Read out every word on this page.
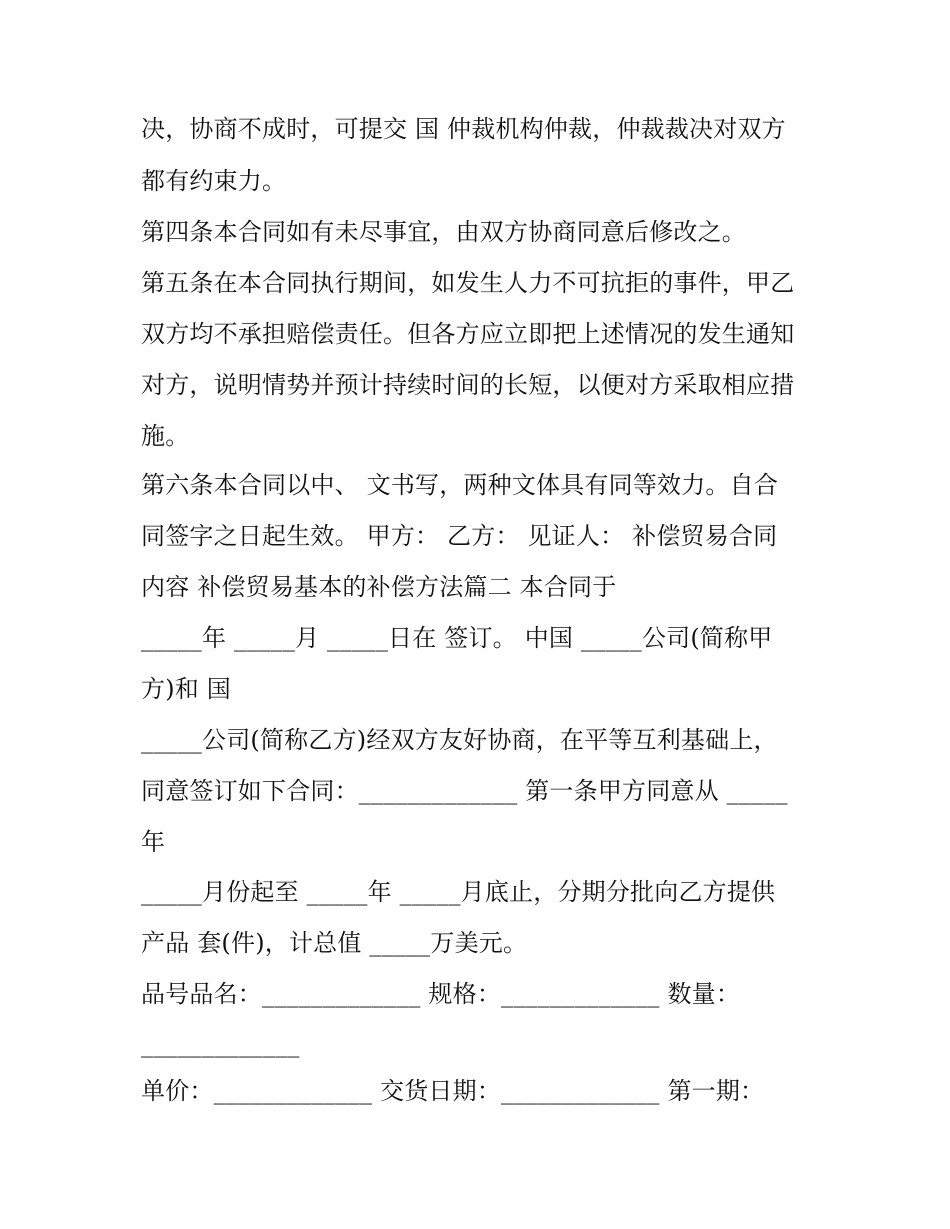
决，协商不成时，可提交 国 仲裁机构仲裁，仲裁裁决对双方

都有约束力。

第四条本合同如有未尽事宜，由双方协商同意后修改之。

第五条在本合同执行期间，如发生人力不可抗拒的事件，甲乙

双方均不承担赔偿责任。但各方应立即把上述情况的发生通知

对方，说明情势并预计持续时间的长短，以便对方采取相应措

施。

第六条本合同以中、 文书写，两种文体具有同等效力。自合

同签字之日起生效。 甲方： 乙方： 见证人： 补偿贸易合同

内容 补偿贸易基本的补偿方法篇二 本合同于

_____年 _____月 _____日在 签订。 中国 _____公司(简称甲

方)和 国

_____公司(简称乙方)经双方友好协商，在平等互利基础上，

同意签订如下合同：_____________ 第一条甲方同意从 _____

年

_____月份起至 _____年 _____月底止，分期分批向乙方提供

产品 套(件)，计总值 _____万美元。

品号品名：_____________ 规格：_____________ 数量：

_____________

单价：_____________ 交货日期：_____________ 第一期：
